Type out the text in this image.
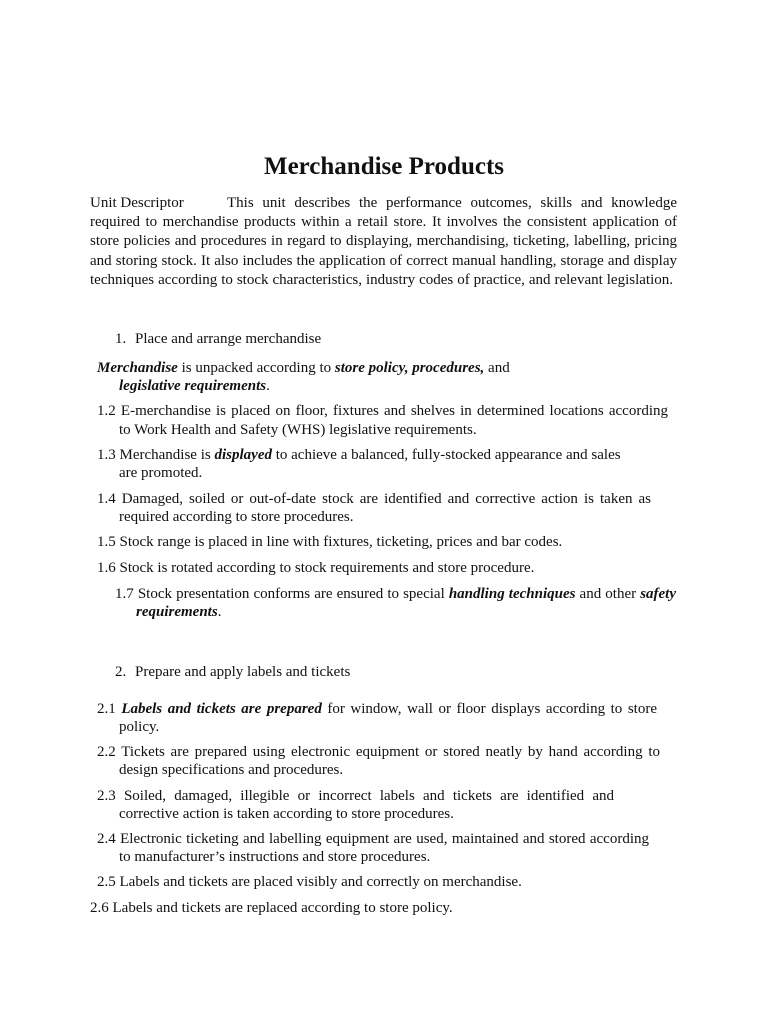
Merchandise Products
Unit Descriptor	This unit describes the performance outcomes, skills and knowledge
required to merchandise products within a retail store. It involves the consistent application of
store policies and procedures in regard to displaying, merchandising, ticketing, labelling, pricing
and storing stock. It also includes the application of correct manual handling, storage and display
techniques according to stock characteristics, industry codes of practice, and relevant legislation.
1. Place and arrange merchandise
Merchandise is unpacked according to store policy, procedures, and
legislative requirements.
1.2 E-merchandise is placed on floor, fixtures and shelves in determined locations according
to Work Health and Safety (WHS) legislative requirements.
1.3 Merchandise is displayed to achieve a balanced, fully-stocked appearance and sales
are promoted.
1.4 Damaged, soiled or out-of-date stock are identified and corrective action is taken as
required according to store procedures.
1.5 Stock range is placed in line with fixtures, ticketing, prices and bar codes.
1.6 Stock is rotated according to stock requirements and store procedure.
1.7 Stock presentation conforms are ensured to special handling techniques and other safety
requirements.
2. Prepare and apply labels and tickets
2.1 Labels and tickets are prepared for window, wall or floor displays according to store
policy.
2.2 Tickets are prepared using electronic equipment or stored neatly by hand according to
design specifications and procedures.
2.3 Soiled, damaged, illegible or incorrect labels and tickets are identified and
corrective action is taken according to store procedures.
2.4 Electronic ticketing and labelling equipment are used, maintained and stored according
to manufacturer’s instructions and store procedures.
2.5 Labels and tickets are placed visibly and correctly on merchandise.
2.6 Labels and tickets are replaced according to store policy.
